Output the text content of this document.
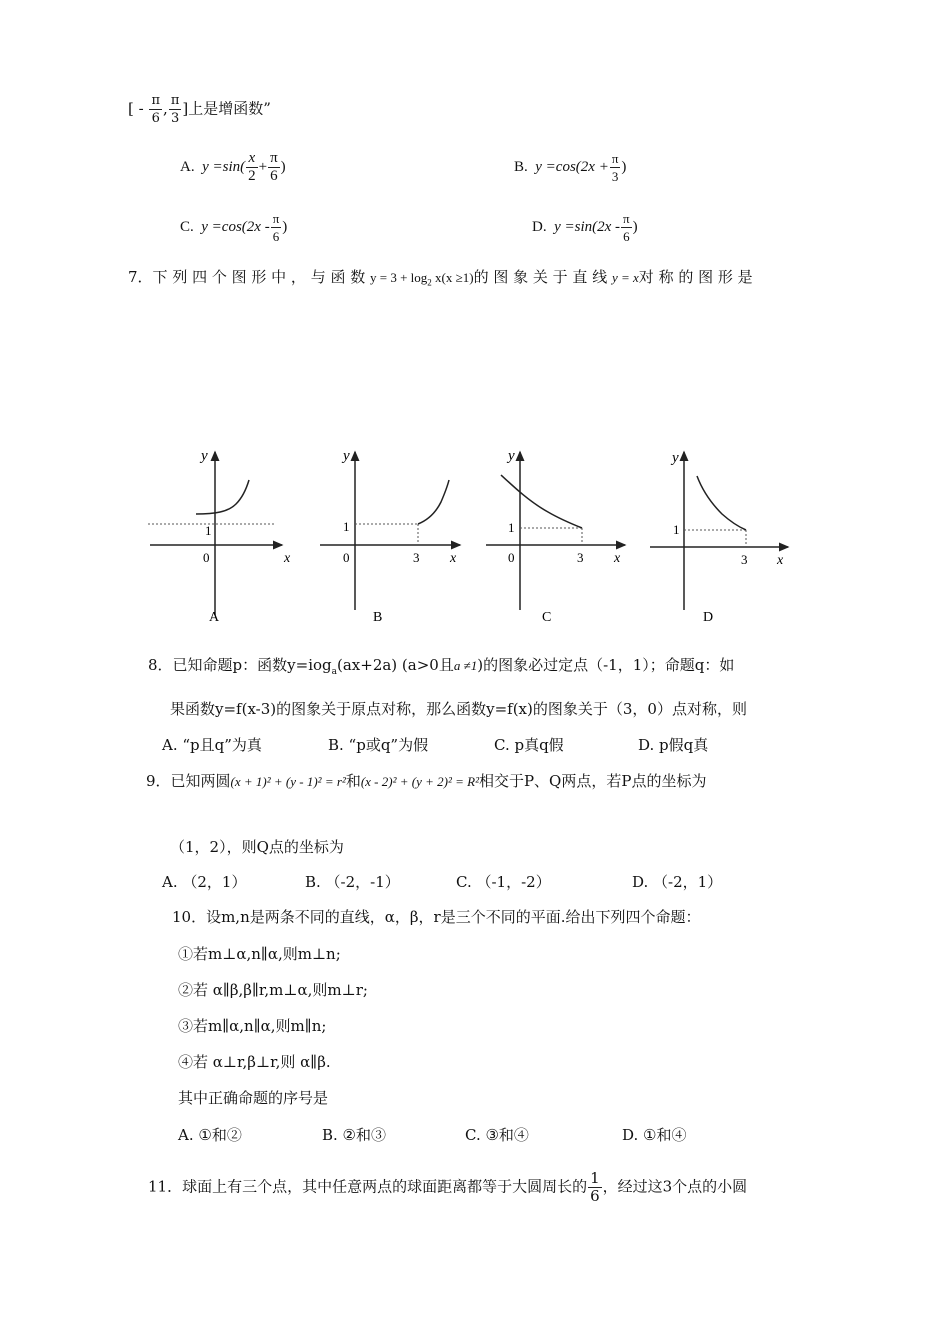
[ - $\frac{\pi}{6}$ , $\frac{\pi}{3}$ ]上是增函数”
A. $y =\sin( \frac{x}{2} + \frac{\pi}{6}$ )	B. $y =\cos(2x + \frac{\pi}{3}$ )
C. $y =\cos(2x - \frac{\pi}{6}$ )	D. $y =\sin(2x - \frac{\pi}{6}$ )
7．下 列 四 个 图 形 中 ， 与 函 数 $y = 3 + \log_2 x(x \ge 1)$的 图 象 关 于 直 线 y = x对 称 的 图 形 是
y
1
0	x
A
y
1
0	3 x
B
y
1
0	3 x
C
y
1
3 x
D
8．已知命题p：函数y=iog$_a$(ax+2a) (a>0且a ≠1)的图象必过定点（-1，1）；命题q：如
果函数y=f(x-3)的图象关于原点对称，那么函数y=f(x)的图象关于（3，0）点对称，则
A. “p且q”为真	B. “p或q”为假	C. p真q假	D. p假q真
9．已知两圆(x + 1)² + (y - 1)² = r²和(x - 2)² + (y + 2)² = R²相交于P、Q两点，若P点的坐标为
（1，2），则Q点的坐标为
A. （2，1）	B. （-2，-1）	C. （-1，-2）	D. （-2，1）
10．设m,n是两条不同的直线，α，β，r是三个不同的平面.给出下列四个命题：
①若m⊥α,n∥α,则m⊥n;
②若 α∥β,β∥r,m⊥α,则m⊥r;
③若m∥α,n∥α,则m∥n;
④若 α⊥r,β⊥r,则 α∥β.
其中正确命题的序号是
A. ①和②	B. ②和③	C. ③和④	D. ①和④
11．球面上有三个点，其中任意两点的球面距离都等于大圆周长的 $\frac{1}{6}$ ，经过这3个点的小圆
